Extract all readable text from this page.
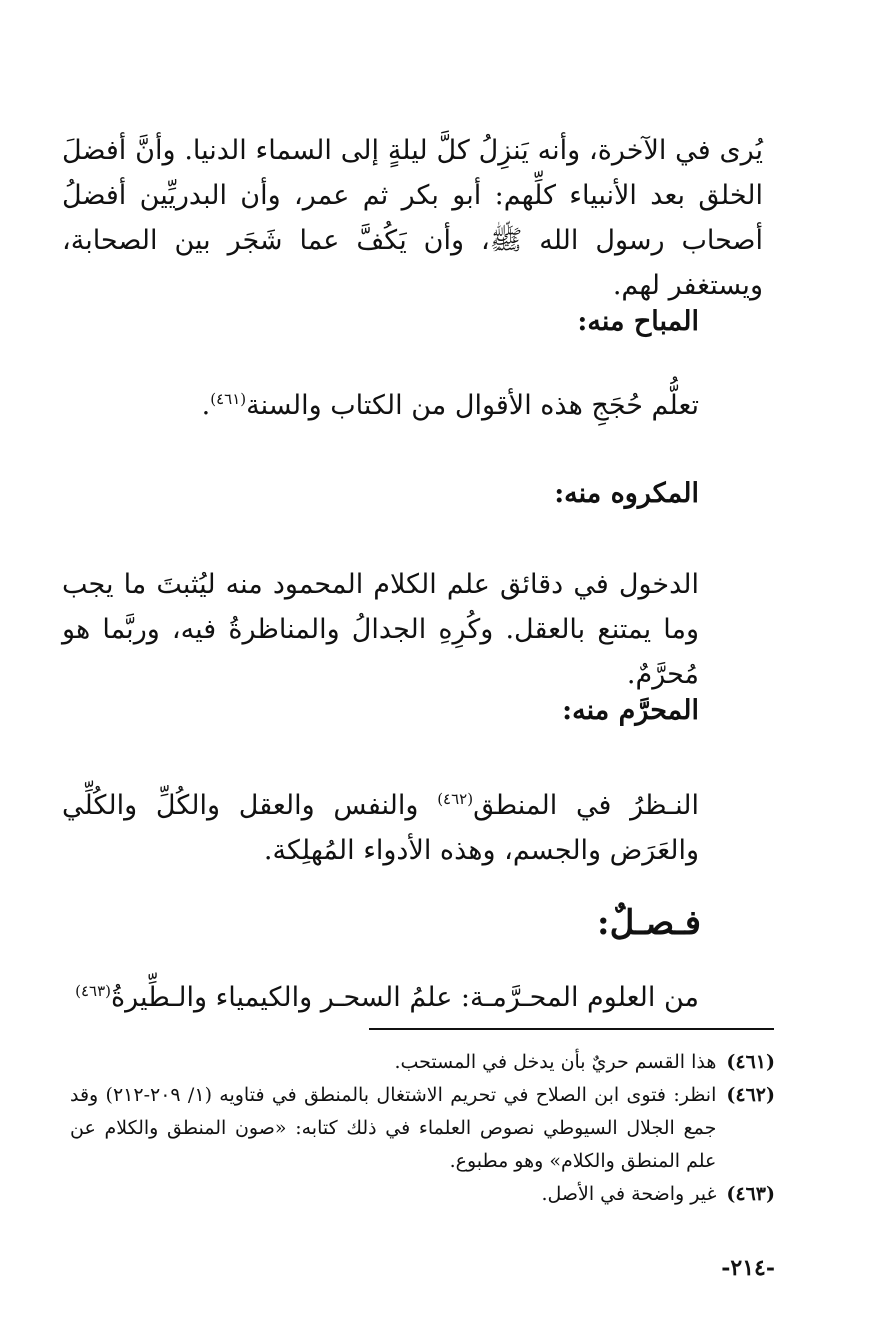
يُرى في الآخرة، وأنه يَنزِلُ كلَّ ليلةٍ إلى السماء الدنيا. وأنَّ أفضلَ الخلق بعد الأنبياء كلِّهم: أبو بكر ثم عمر، وأن البدريِّين أفضلُ أصحاب رسول الله ﷺ، وأن يَكُفَّ عما شَجَر بين الصحابة، ويستغفر لهم.

المباح منه:
تعلُّم حُجَجِ هذه الأقوال من الكتاب والسنة$^{(٤٦١)}$.
المكروه منه:

الدخول في دقائق علم الكلام المحمود منه ليُثبتَ ما يجب وما يمتنع بالعقل. وكُرِهِ الجدالُ والمناظرةُ فيه، وربَّما هو مُحرَّمٌ.

المحرَّم منه:

النـظرُ في المنطق$^{(٤٦٢)}$ والنفس والعقل والكُلِّ والكُلِّي والعَرَض والجسم، وهذه الأدواء المُهلِكة.

فـصـلٌ:
من العلوم المحـرَّمـة: علمُ السحـر والكيمياء والـطِّيرةُ$^{(٤٦٣)}$
(٤٦١)
هذا القسم حريٌ بأن يدخل في المستحب.
(٤٦٢)
انظر: فتوى ابن الصلاح في تحريم الاشتغال بالمنطق في فتاويه (١/ ٢٠٩-٢١٢) وقد جمع الجلال السيوطي نصوص العلماء في ذلك كتابه: «صون المنطق والكلام عن علم المنطق والكلام» وهو مطبوع.
(٤٦٣)
غير واضحة في الأصل.
-٢١٤-
